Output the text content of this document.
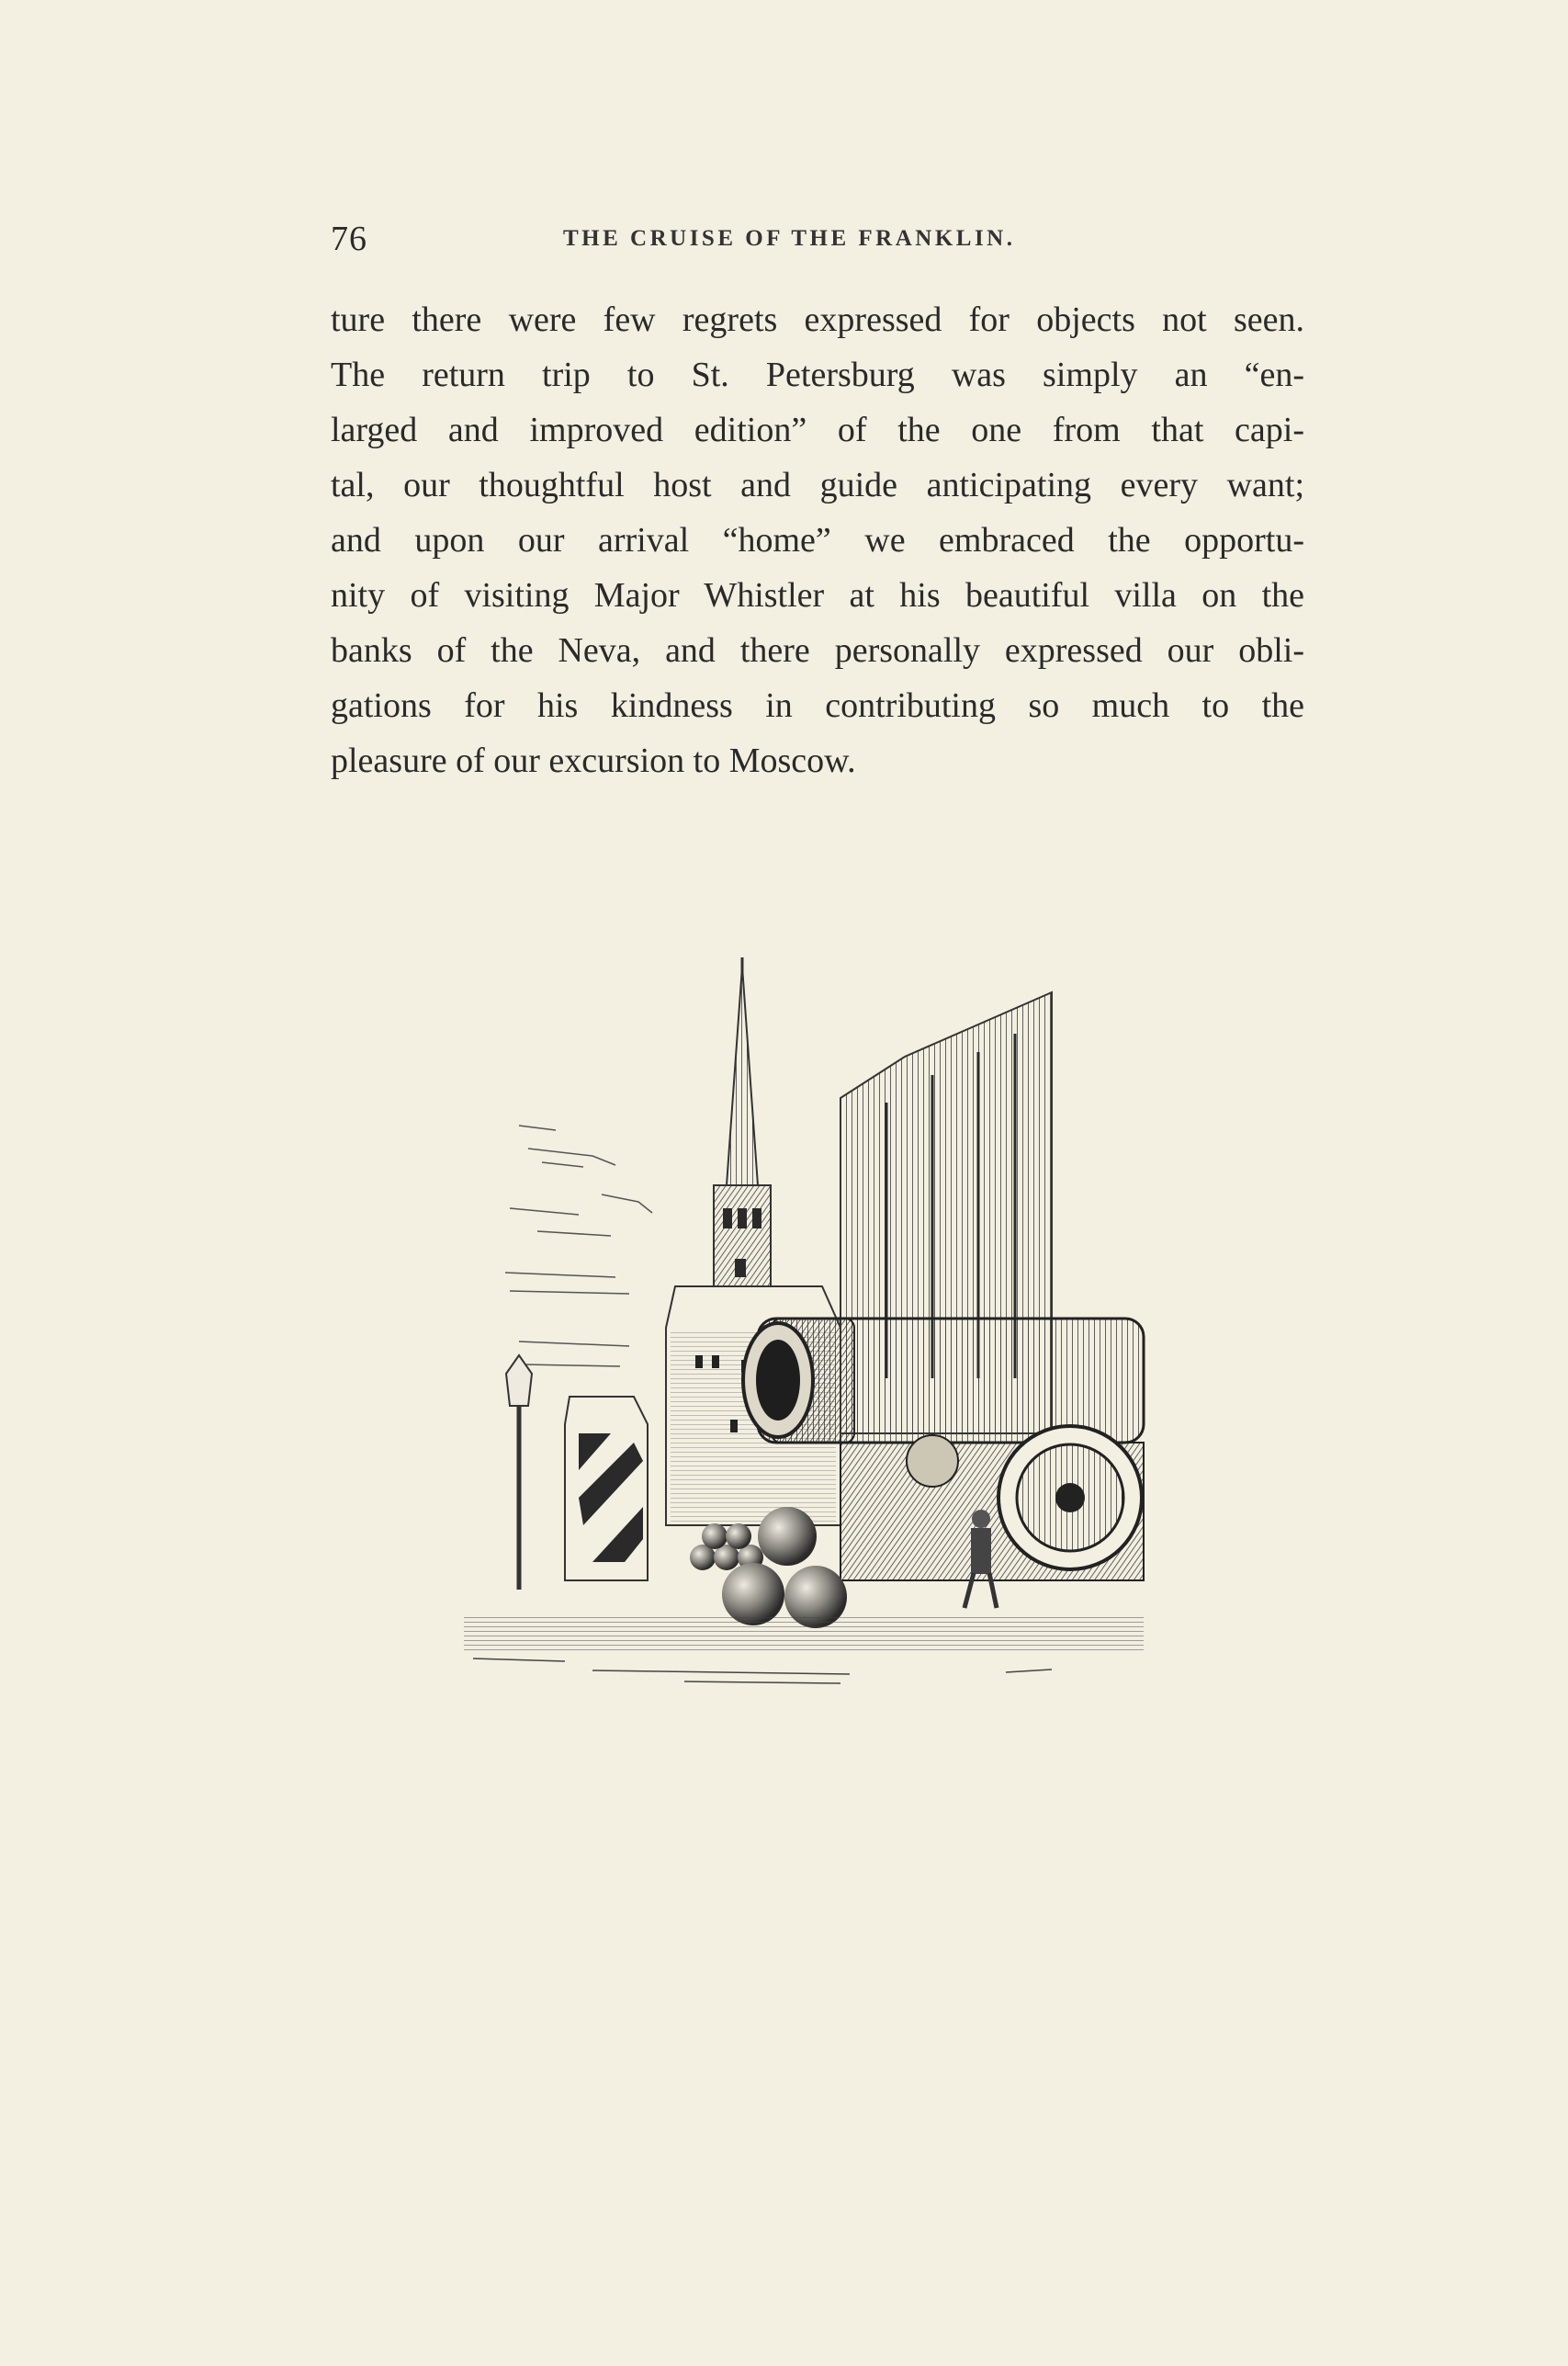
76	THE CRUISE OF THE FRANKLIN.
ture there were few regrets expressed for objects not seen.
The return trip to St. Petersburg was simply an “en-
larged and improved edition” of the one from that capi-
tal, our thoughtful host and guide anticipating every want;
and upon our arrival “home” we embraced the opportu-
nity of visiting Major Whistler at his beautiful villa on the
banks of the Neva, and there personally expressed our obli-
gations for his kindness in contributing so much to the
pleasure of our excursion to Moscow.
